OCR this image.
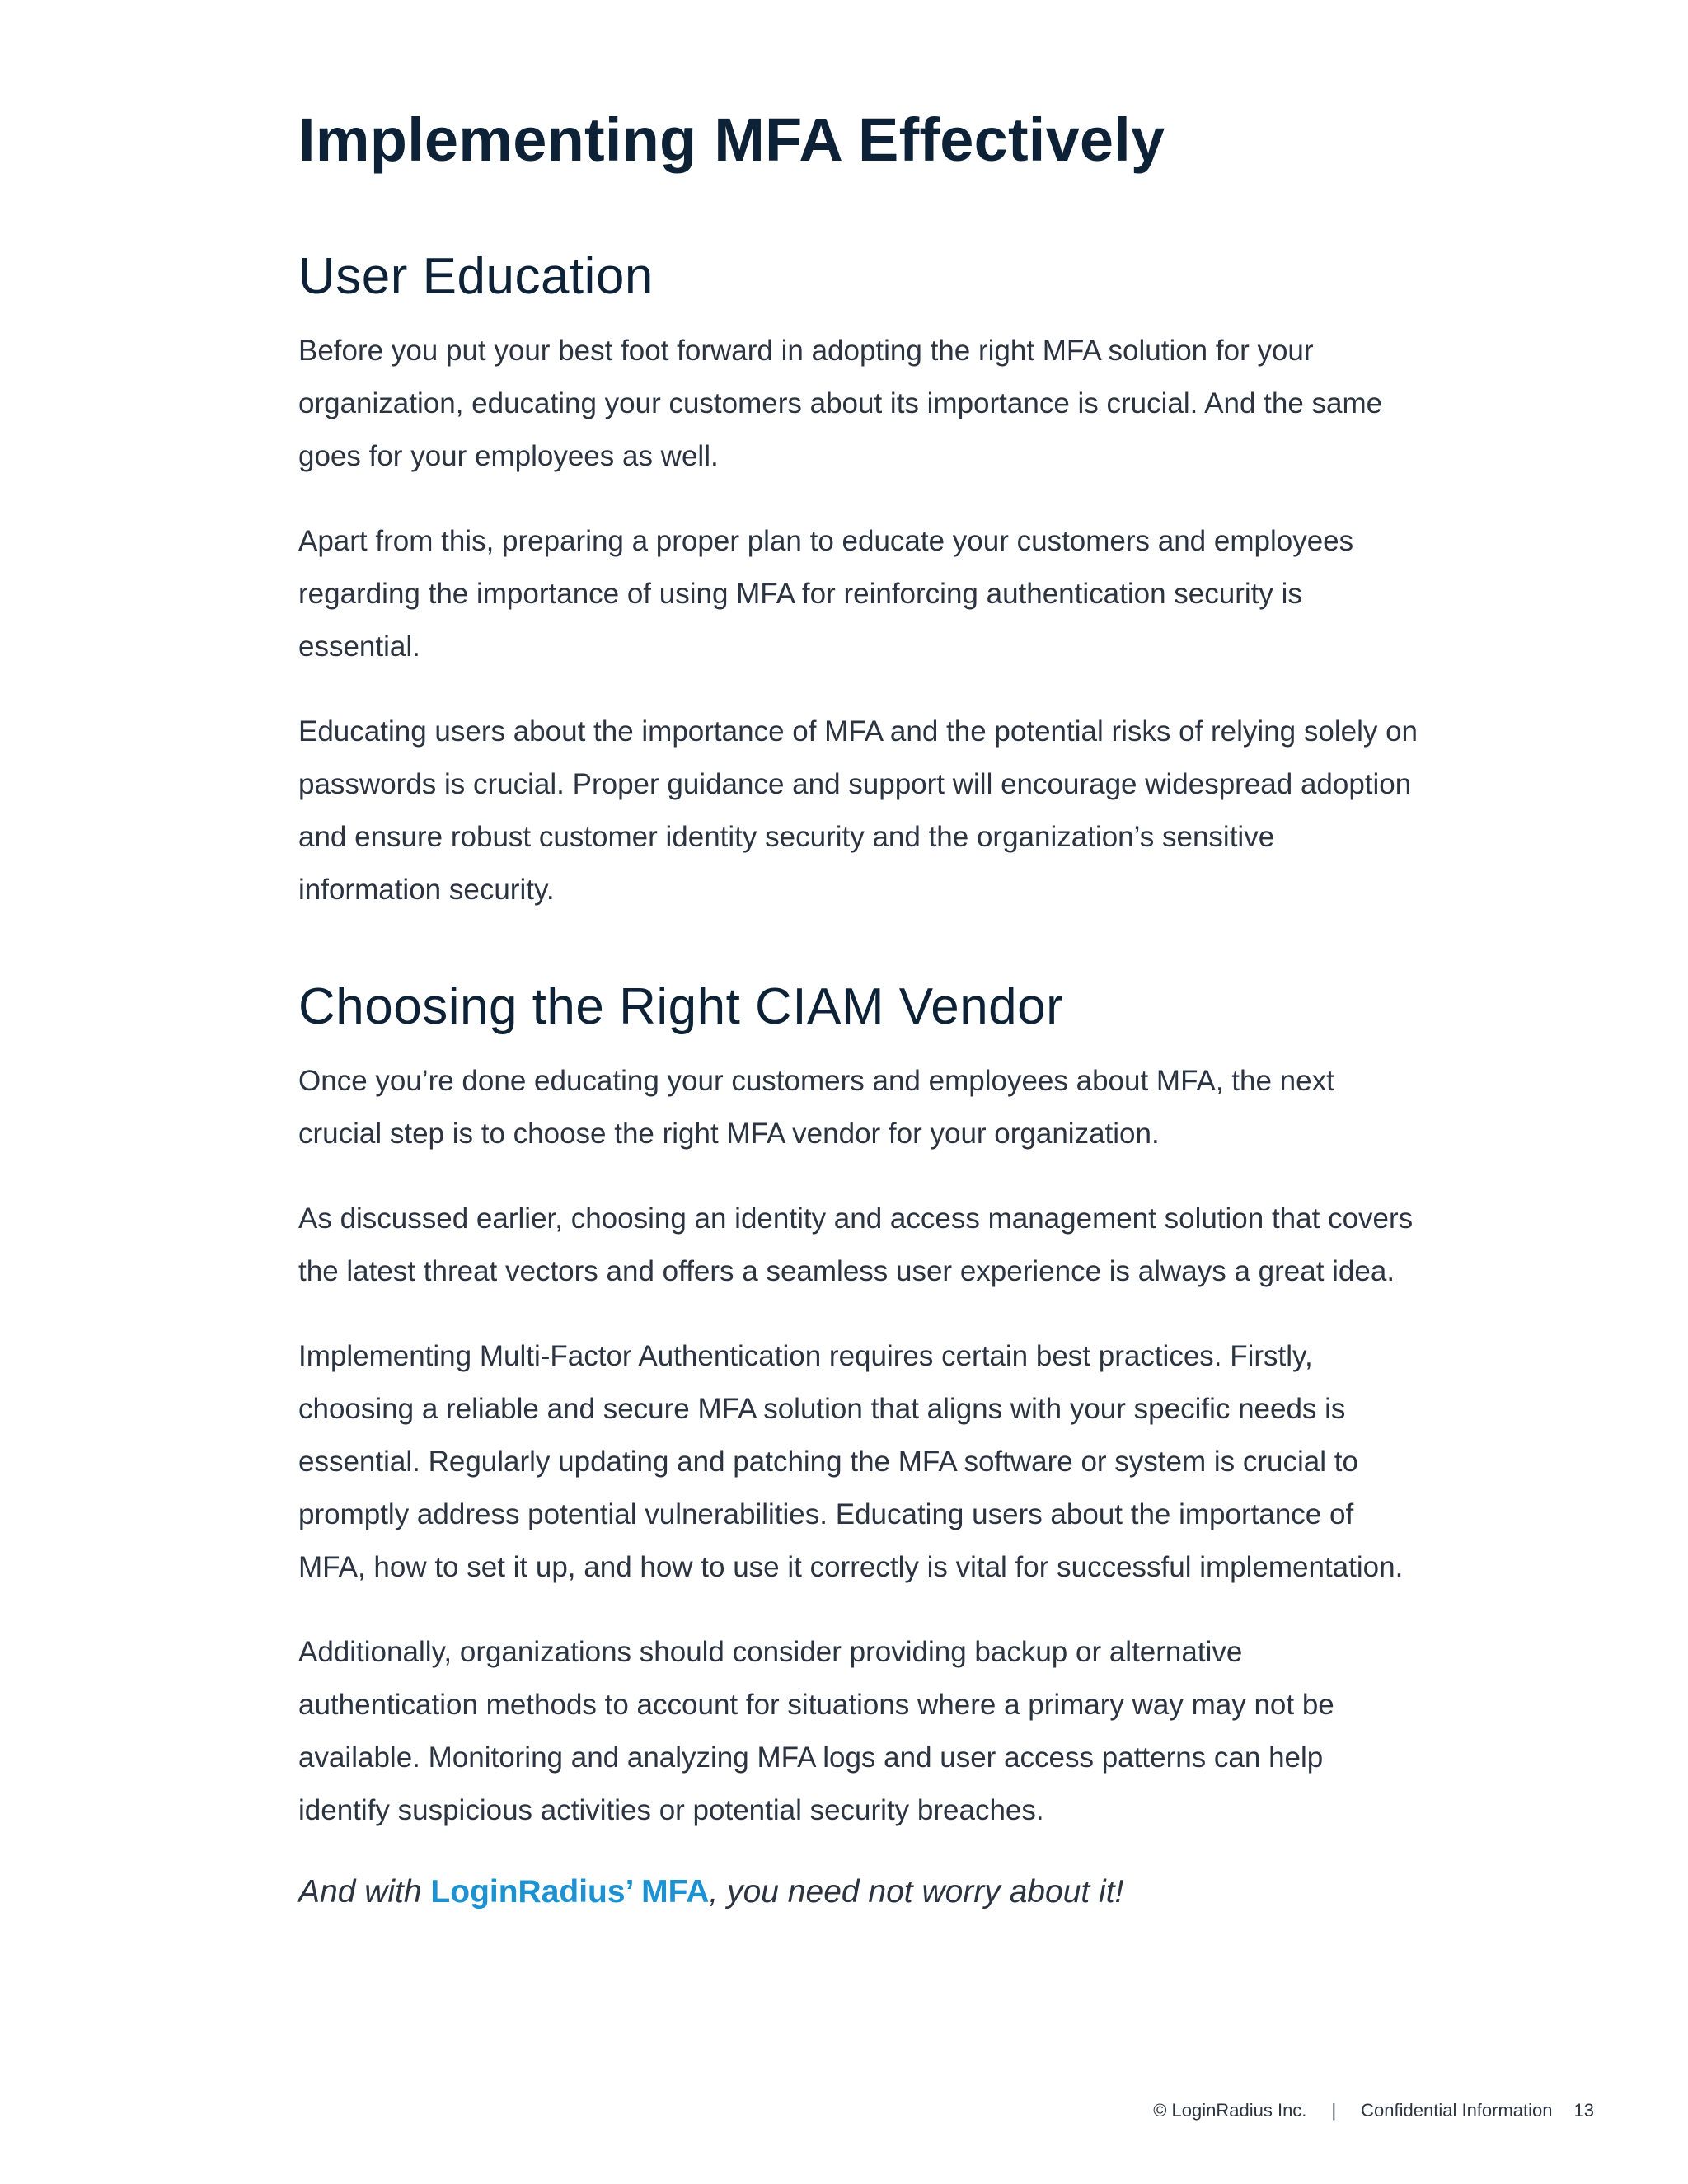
Implementing MFA Effectively
User Education

Before you put your best foot forward in adopting the right MFA solution for your organization, educating your customers about its importance is crucial. And the same goes for your employees as well.

Apart from this, preparing a proper plan to educate your customers and employees regarding the importance of using MFA for reinforcing authentication security is essential.

Educating users about the importance of MFA and the potential risks of relying solely on passwords is crucial. Proper guidance and support will encourage widespread adoption and ensure robust customer identity security and the organization’s sensitive information security.

Choosing the Right CIAM Vendor

Once you’re done educating your customers and employees about MFA, the next crucial step is to choose the right MFA vendor for your organization.

As discussed earlier, choosing an identity and access management solution that covers the latest threat vectors and offers a seamless user experience is always a great idea.

Implementing Multi-Factor Authentication requires certain best practices. Firstly, choosing a reliable and secure MFA solution that aligns with your specific needs is essential. Regularly updating and patching the MFA software or system is crucial to promptly address potential vulnerabilities. Educating users about the importance of MFA, how to set it up, and how to use it correctly is vital for successful implementation.

Additionally, organizations should consider providing backup or alternative authentication methods to account for situations where a primary way may not be available. Monitoring and analyzing MFA logs and user access patterns can help identify suspicious activities or potential security breaches.

And with LoginRadius’ MFA, you need not worry about it!

© LoginRadius Inc. | Confidential Information 13
